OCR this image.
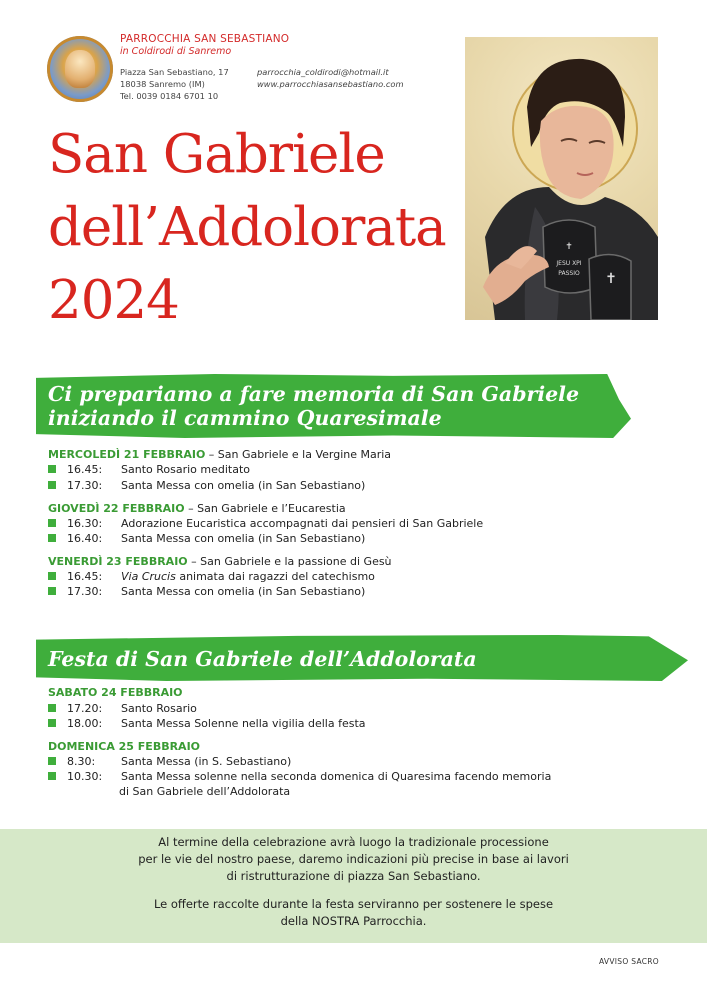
PARROCCHIA SAN SEBASTIANO
in Coldirodi di Sanremo
Piazza San Sebastiano, 17
18038 Sanremo (IM)
Tel. 0039 0184 6701 10
parrocchia_coldirodi@hotmail.it
www.parrocchiasansebastiano.com
San Gabriele
dell’Addolorata
2024
✝
JESU XPI
PASSIO ✝
Ci prepariamo a fare memoria di San Gabriele
iniziando il cammino Quaresimale
MERCOLEDÌ 21 FEBBRAIO – San Gabriele e la Vergine Maria
16.45: Santo Rosario meditato
17.30: Santa Messa con omelia (in San Sebastiano)
GIOVEDÌ 22 FEBBRAIO – San Gabriele e l’Eucarestia
16.30: Adorazione Eucaristica accompagnati dai pensieri di San Gabriele
16.40: Santa Messa con omelia (in San Sebastiano)
VENERDÌ 23 FEBBRAIO – San Gabriele e la passione di Gesù
16.45: Via Crucis animata dai ragazzi del catechismo
17.30: Santa Messa con omelia (in San Sebastiano)
Festa di San Gabriele dell’Addolorata
SABATO 24 FEBBRAIO
17.20: Santo Rosario
18.00: Santa Messa Solenne nella vigilia della festa
DOMENICA 25 FEBBRAIO
8.30: Santa Messa (in S. Sebastiano)
10.30: Santa Messa solenne nella seconda domenica di Quaresima facendo memoria
di San Gabriele dell’Addolorata
Al termine della celebrazione avrà luogo la tradizionale processione
per le vie del nostro paese, daremo indicazioni più precise in base ai lavori
di ristrutturazione di piazza San Sebastiano.
Le offerte raccolte durante la festa serviranno per sostenere le spese
della NOSTRA Parrocchia.
AVVISO SACRO
